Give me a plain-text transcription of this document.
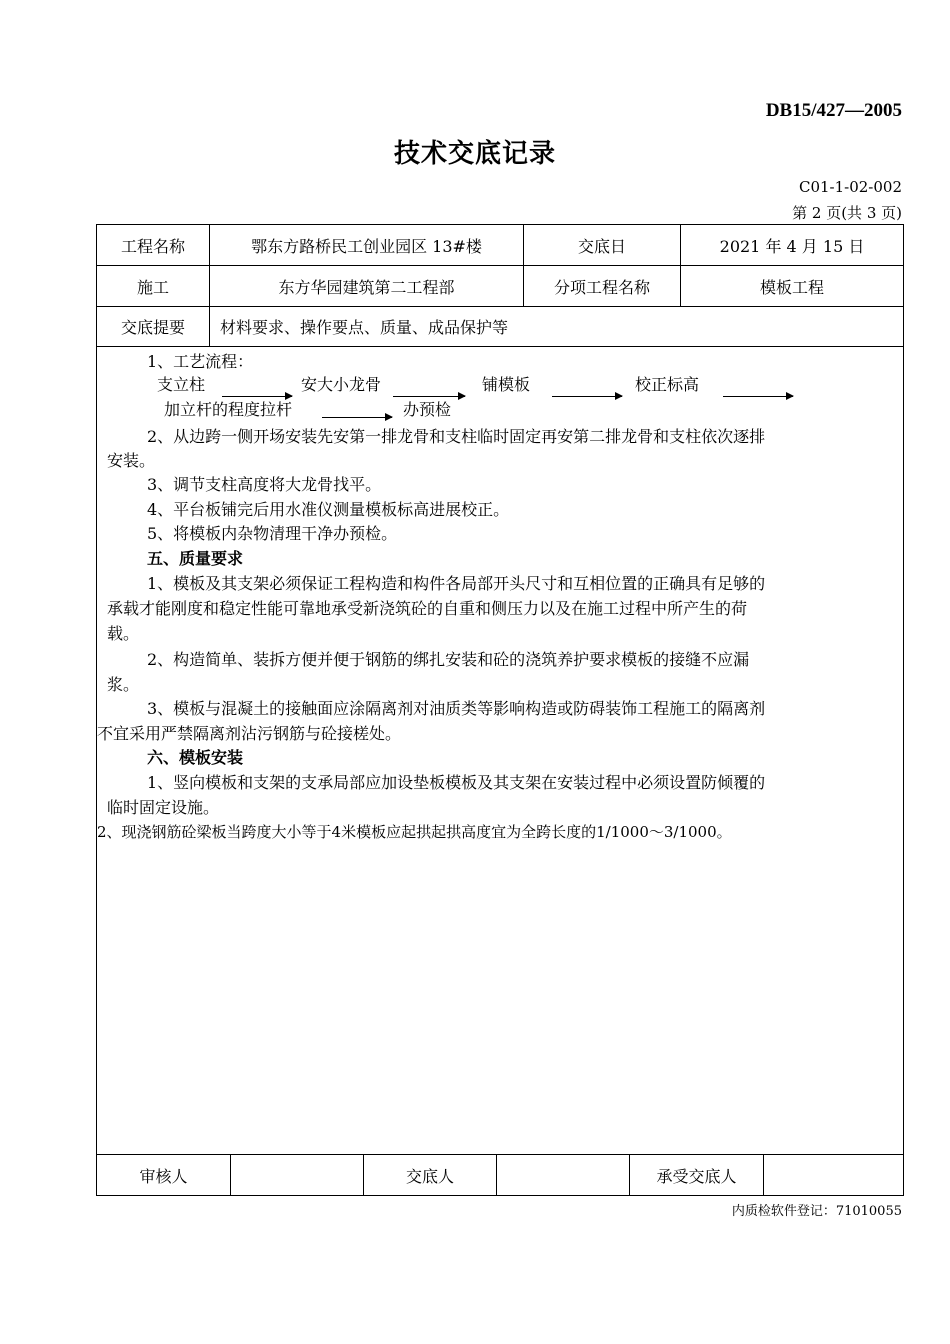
DB15/427—2005
技术交底记录
C01-1-02-002
第 2 页(共 3 页)
工程名称	鄂东方路桥民工创业园区 13#楼	交底日	2021 年 4 月 15 日
施工	东方华园建筑第二工程部	分项工程名称	模板工程
交底提要	材料要求、操作要点、质量、成品保护等
1、工艺流程：
支立柱	安大小龙骨	铺模板	校正标高
加立杆的程度拉杆	办预检
2、从边跨一侧开场安装先安第一排龙骨和支柱临时固定再安第二排龙骨和支柱依次逐排
安装。
3、调节支柱高度将大龙骨找平。
4、平台板铺完后用水准仪测量模板标高进展校正。
5、将模板内杂物清理干净办预检。
五、质量要求
1、模板及其支架必须保证工程构造和构件各局部开头尺寸和互相位置的正确具有足够的
承载才能刚度和稳定性能可靠地承受新浇筑砼的自重和侧压力以及在施工过程中所产生的荷
载。
2、构造简单、装拆方便并便于钢筋的绑扎安装和砼的浇筑养护要求模板的接缝不应漏
浆。
3、模板与混凝土的接触面应涂隔离剂对油质类等影响构造或防碍装饰工程施工的隔离剂
不宜采用严禁隔离剂沾污钢筋与砼接槎处。
六、模板安装
1、竖向模板和支架的支承局部应加设垫板模板及其支架在安装过程中必须设置防倾覆的
临时固定设施。
2、现浇钢筋砼梁板当跨度大小等于4米模板应起拱起拱高度宜为全跨长度的1/1000～3/1000。
审核人	交底人	承受交底人
内质检软件登记：71010055
